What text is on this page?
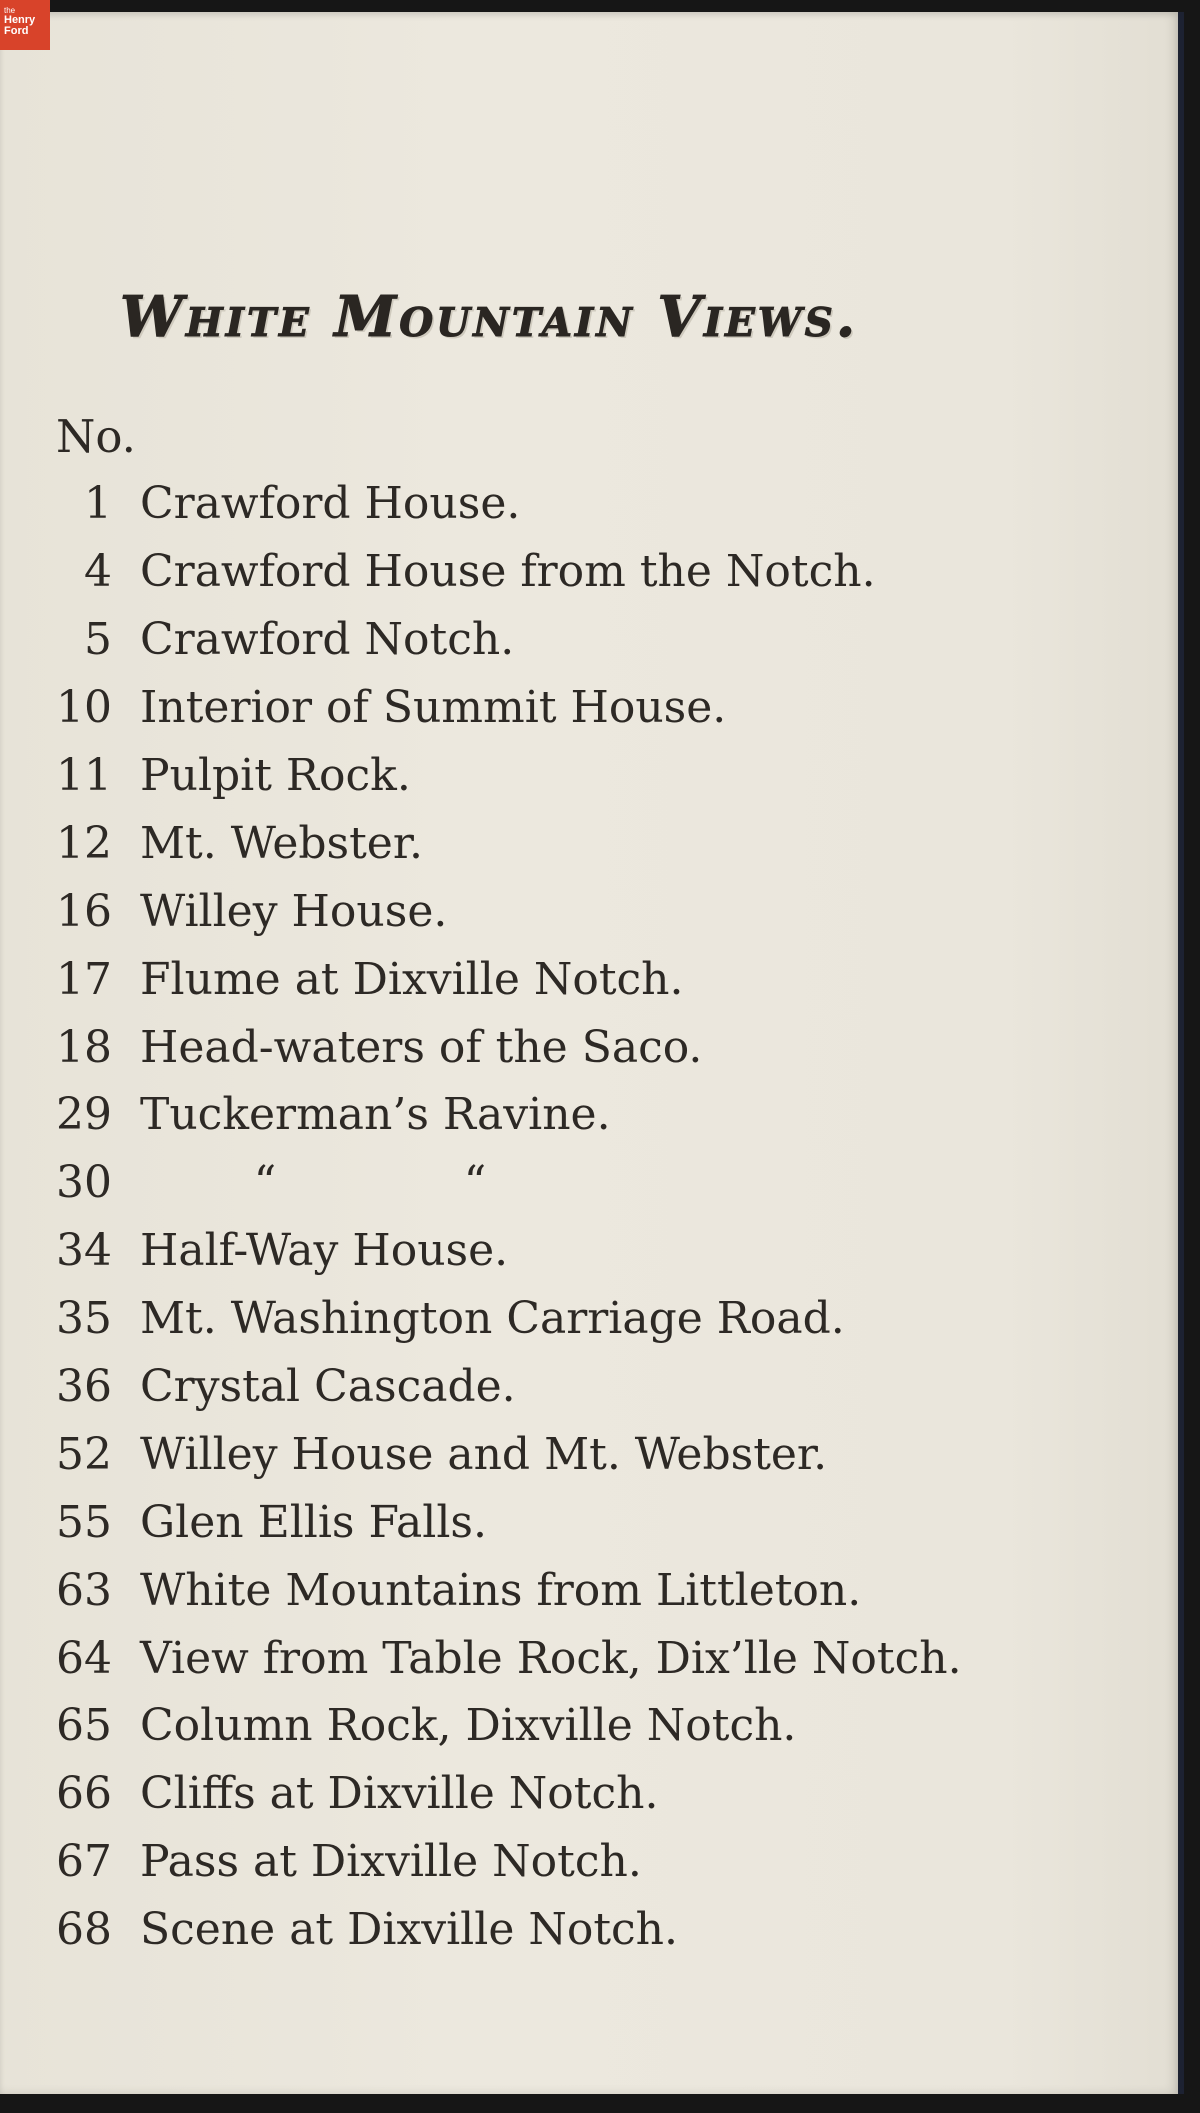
the
Henry
Ford
White Mountain Views.
No.
1 Crawford House.
4 Crawford House from the Notch.
5 Crawford Notch.
10 Interior of Summit House.
11 Pulpit Rock.
12 Mt. Webster.
16 Willey House.
17 Flume at Dixville Notch.
18 Head-waters of the Saco.
29 Tuckerman’s Ravine.
30	“	“
34 Half-Way House.
35 Mt. Washington Carriage Road.
36 Crystal Cascade.
52 Willey House and Mt. Webster.
55 Glen Ellis Falls.
63 White Mountains from Littleton.
64 View from Table Rock, Dix’lle Notch.
65 Column Rock, Dixville Notch.
66 Cliffs at Dixville Notch.
67 Pass at Dixville Notch.
68 Scene at Dixville Notch.
